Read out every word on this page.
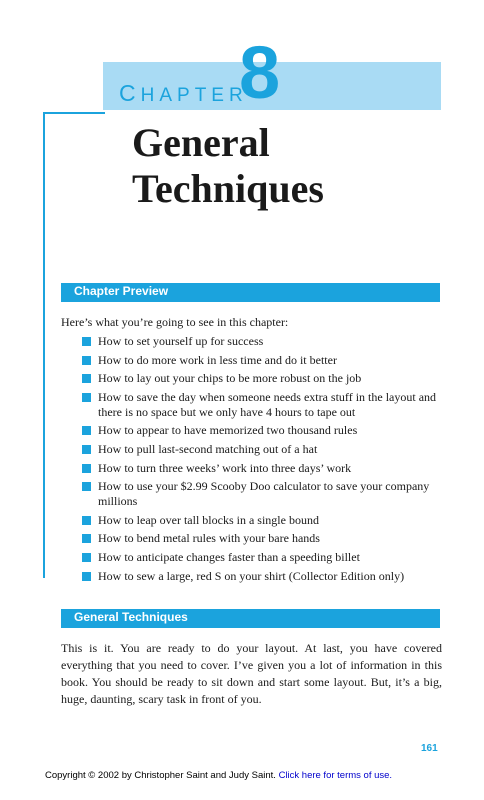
CHAPTER
8
General
Techniques
Chapter Preview

Here’s what you’re going to see in this chapter:

How to set yourself up for success
How to do more work in less time and do it better
How to lay out your chips to be more robust on the job
How to save the day when someone needs extra stuff in the layout and there is no space but we only have 4 hours to tape out
How to appear to have memorized two thousand rules
How to pull last-second matching out of a hat
How to turn three weeks’ work into three days’ work
How to use your $2.99 Scooby Doo calculator to save your company millions
How to leap over tall blocks in a single bound
How to bend metal rules with your bare hands
How to anticipate changes faster than a speeding billet
How to sew a large, red S on your shirt (Collector Edition only)
General Techniques

This is it. You are ready to do your layout. At last, you have covered everything that you need to cover. I’ve given you a lot of information in this book. You should be ready to sit down and start some layout. But, it’s a big, huge, daunting, scary task in front of you.

161
Copyright © 2002 by Christopher Saint and Judy Saint. Click here for terms of use.
